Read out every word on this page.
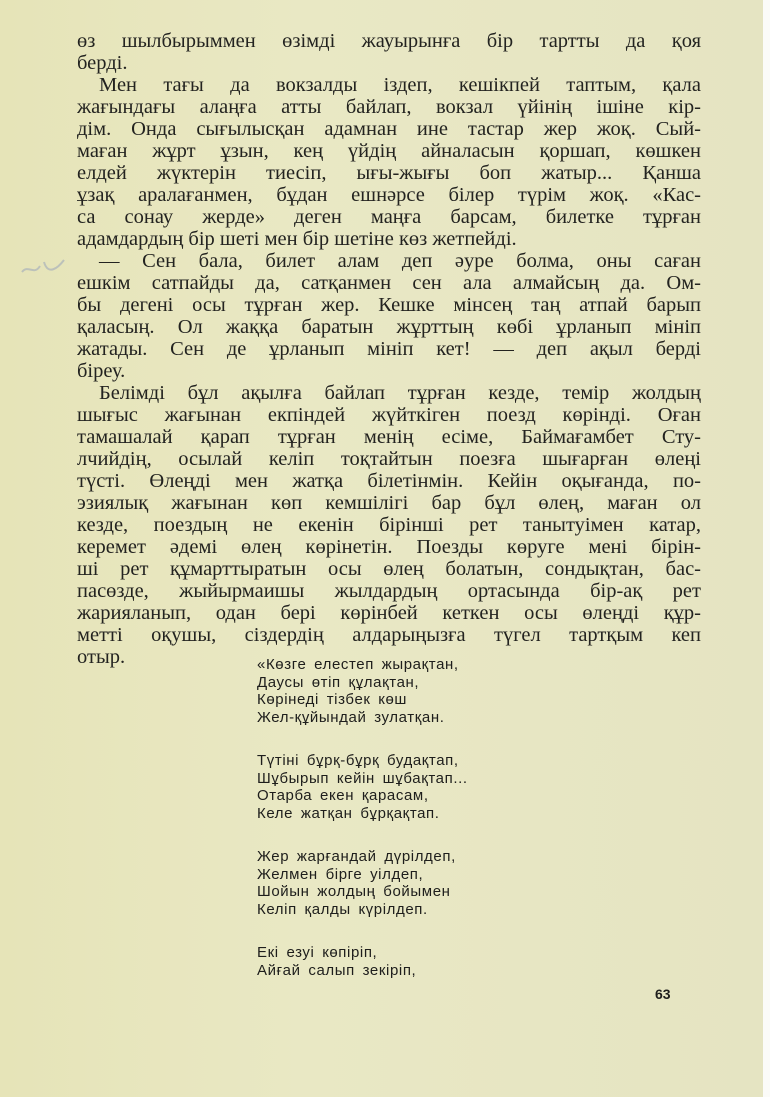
өз шылбырыммен өзімді жауырынға бір тартты да қоя
берді.
Мен тағы да вокзалды іздеп, кешікпей таптым, қала
жағындағы алаңға атты байлап, вокзал үйінің ішіне кір-
дім. Онда сығылысқан адамнан ине тастар жер жоқ. Сый-
маған жұрт ұзын, кең үйдің айналасын қоршап, көшкен
елдей жүктерін тиесіп, ығы-жығы боп жатыр... Қанша
ұзақ аралағанмен, бұдан ешнәрсе білер түрім жоқ. «Кас-
са сонау жерде» деген маңға барсам, билетке тұрған
адамдардың бір шеті мен бір шетіне көз жетпейді.
— Сен бала, билет алам деп әуре болма, оны саған
ешкім сатпайды да, сатқанмен сен ала алмайсың да. Ом-
бы дегені осы тұрған жер. Кешке мінсең таң атпай барып
қаласың. Ол жаққа баратын жұрттың көбі ұрланып мініп
жатады. Сен де ұрланып мініп кет! — деп ақыл берді
біреу.
Белімді бұл ақылға байлап тұрған кезде, темір жолдың
шығыс жағынан екпіндей жүйткіген поезд көрінді. Оған
тамашалай қарап тұрған менің есіме, Баймағамбет Сту-
лчийдің, осылай келіп тоқтайтын поезға шығарған өлеңі
түсті. Өлеңді мен жатқа білетінмін. Кейін оқығанда, по-
эзиялық жағынан көп кемшілігі бар бұл өлең, маған ол
кезде, поездың не екенін бірінші рет танытуімен катар,
керемет әдемі өлең көрінетін. Поезды көруге мені бірін-
ші рет құмарттыратын осы өлең болатын, сондықтан, бас-
пасөзде, жыйырмаишы жылдардың ортасында бір-ақ рет
жарияланып, одан бері көрінбей кеткен осы өлеңді құр-
метті оқушы, сіздердің алдарыңызға түгел тартқым кеп
отыр.	«Көзге елестеп жырақтан,
Даусы өтіп құлақтан,
Көрінеді тізбек көш
Жел-құйындай зулатқан.
Түтіні бұрқ-бұрқ будақтап,
Шұбырып кейін шұбақтап...
Отарба екен қарасам,
Келе жатқан бұрқақтап.
Жер жарғандай дүрілдеп,
Желмен бірге уілдеп,
Шойын жолдың бойымен
Келіп қалды күрілдеп.
Екі езуі көпіріп,
Айғай салып зекіріп,
63
